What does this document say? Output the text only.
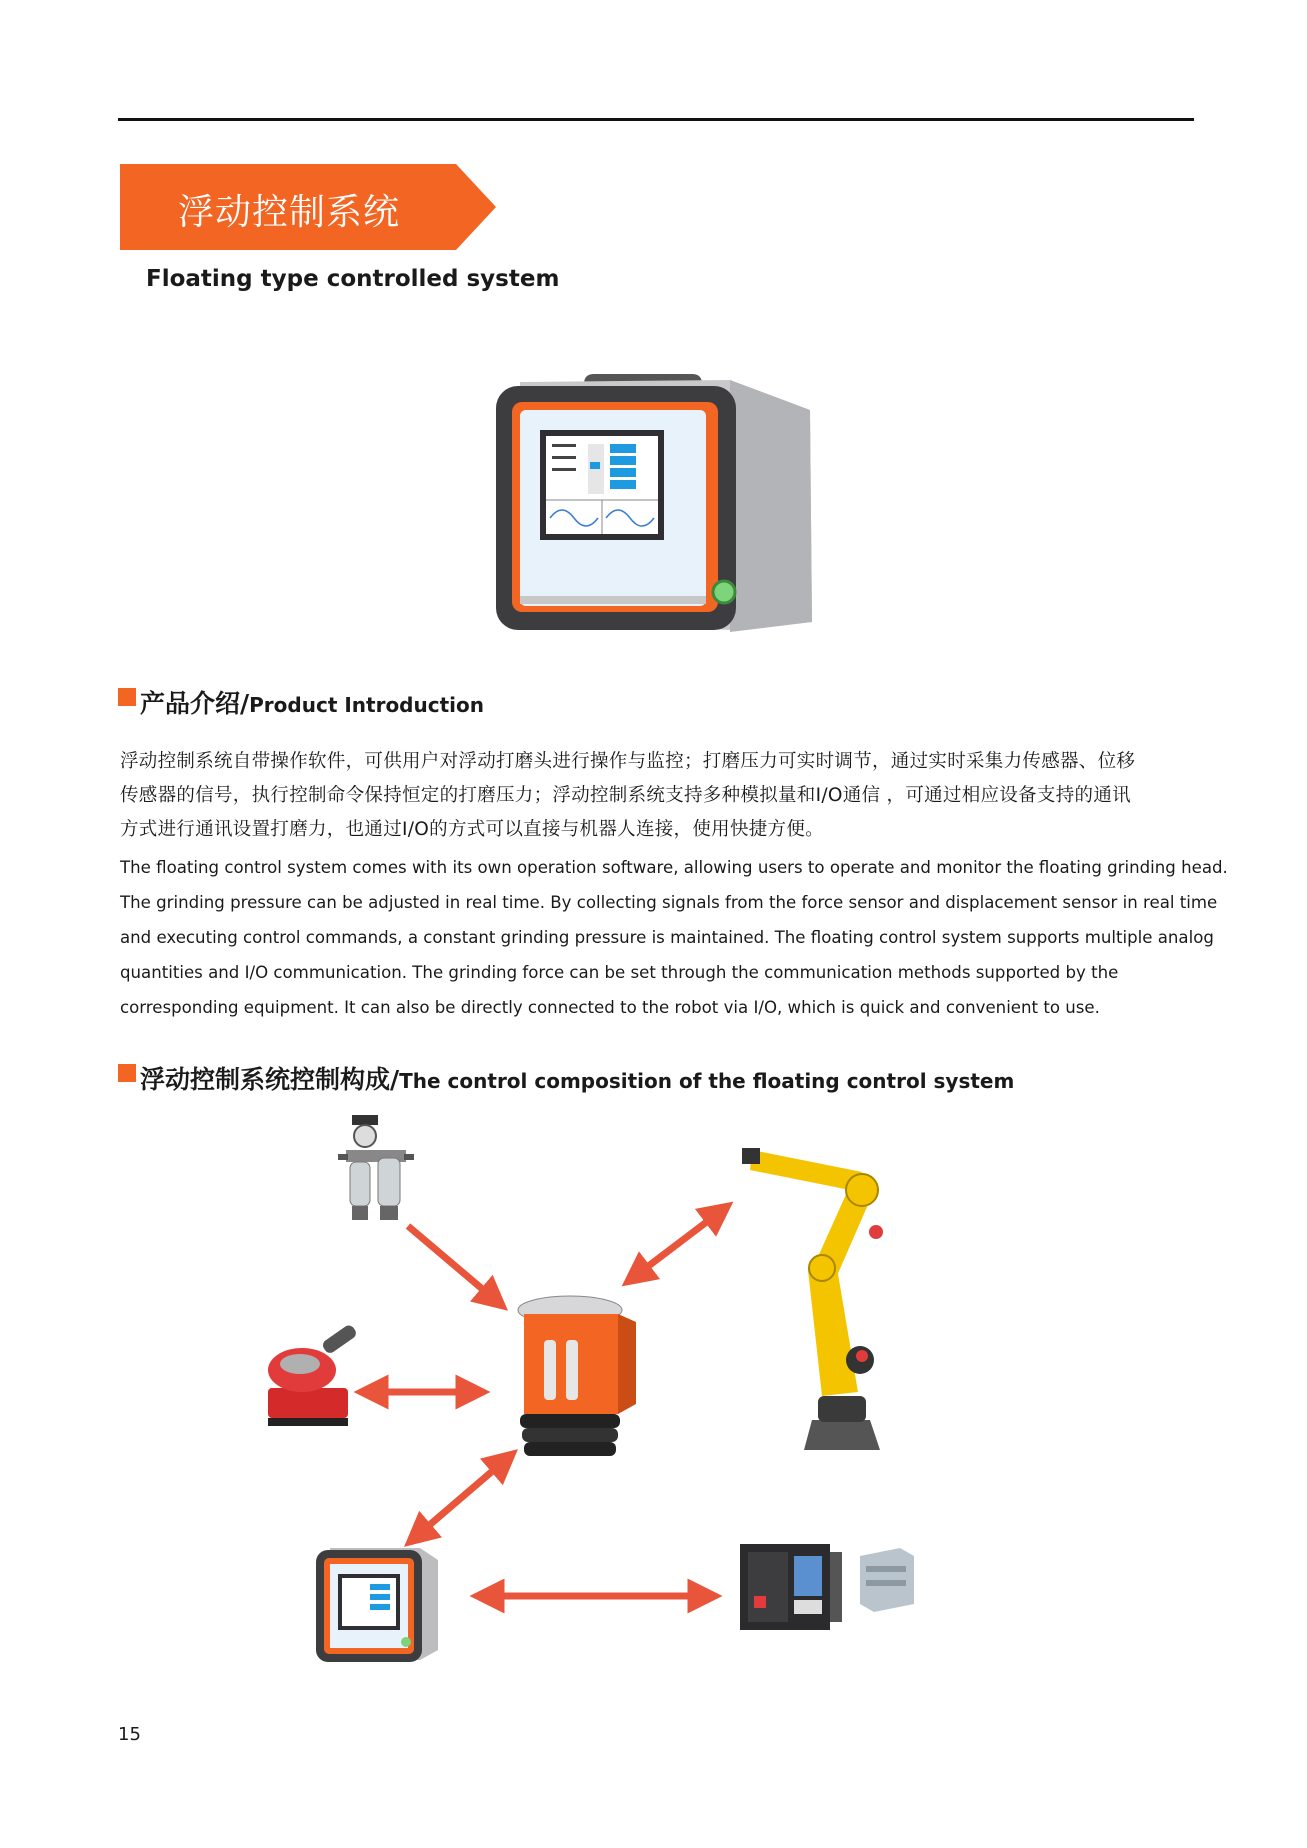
浮动控制系统
Floating type controlled system
产品介绍/Product Introduction
浮动控制系统自带操作软件，可供用户对浮动打磨头进行操作与监控；打磨压力可实时调节，通过实时采集力传感器、位移
传感器的信号，执行控制命令保持恒定的打磨压力；浮动控制系统支持多种模拟量和I/O通信 ，可通过相应设备支持的通讯
方式进行通讯设置打磨力，也通过I/O的方式可以直接与机器人连接，使用快捷方便。
The floating control system comes with its own operation software, allowing users to operate and monitor the floating grinding head.
The grinding pressure can be adjusted in real time. By collecting signals from the force sensor and displacement sensor in real time
and executing control commands, a constant grinding pressure is maintained. The floating control system supports multiple analog
quantities and I/O communication. The grinding force can be set through the communication methods supported by the
corresponding equipment. It can also be directly connected to the robot via I/O, which is quick and convenient to use.
浮动控制系统控制构成/The control composition of the floating control system
15
